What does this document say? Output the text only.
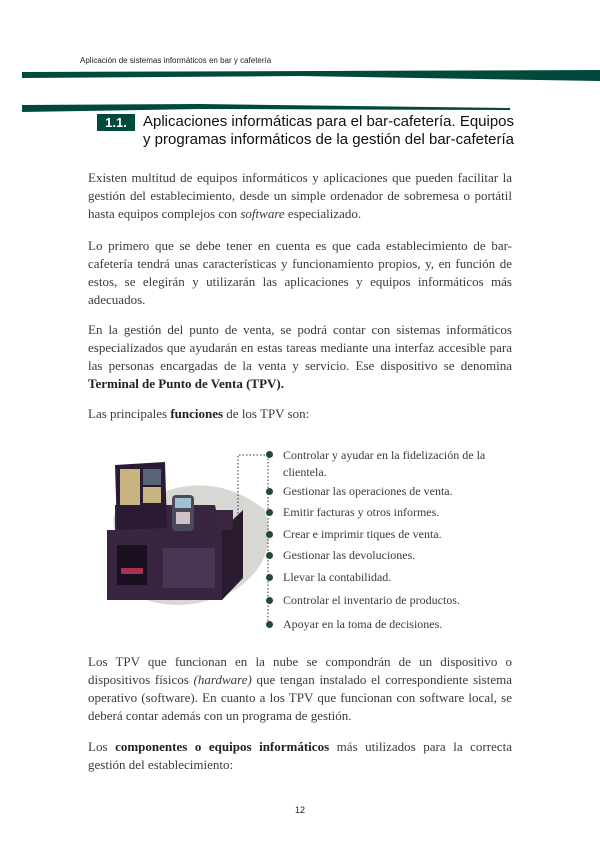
Aplicación de sistemas informáticos en bar y cafetería
1.1.	Aplicaciones informáticas para el bar-cafetería. Equipos y programas informáticos de la gestión del bar-cafetería

Existen multitud de equipos informáticos y aplicaciones que pueden facilitar la gestión del establecimiento, desde un simple ordenador de sobremesa o portátil hasta equipos complejos con software especializado.

Lo primero que se debe tener en cuenta es que cada establecimiento de bar-cafetería tendrá unas características y funcionamiento propios, y, en función de estos, se elegirán y utilizarán las aplicaciones y equipos informáticos más adecuados.

En la gestión del punto de venta, se podrá contar con sistemas informáticos especializados que ayudarán en estas tareas mediante una interfaz accesible para las personas encargadas de la venta y servicio. Ese dispositivo se denomina Terminal de Punto de Venta (TPV).

Las principales funciones de los TPV son:

Controlar y ayudar en la fidelización de la clientela.
Gestionar las operaciones de venta.
Emitir facturas y otros informes.
Crear e imprimir tiques de venta.
Gestionar las devoluciones.
Llevar la contabilidad.
Controlar el inventario de productos.
Apoyar en la toma de decisiones.

Los TPV que funcionan en la nube se compondrán de un dispositivo o dispositivos físicos (hardware) que tengan instalado el correspondiente sistema operativo (software). En cuanto a los TPV que funcionan con software local, se deberá contar además con un programa de gestión.

Los componentes o equipos informáticos más utilizados para la correcta gestión del establecimiento:

12
